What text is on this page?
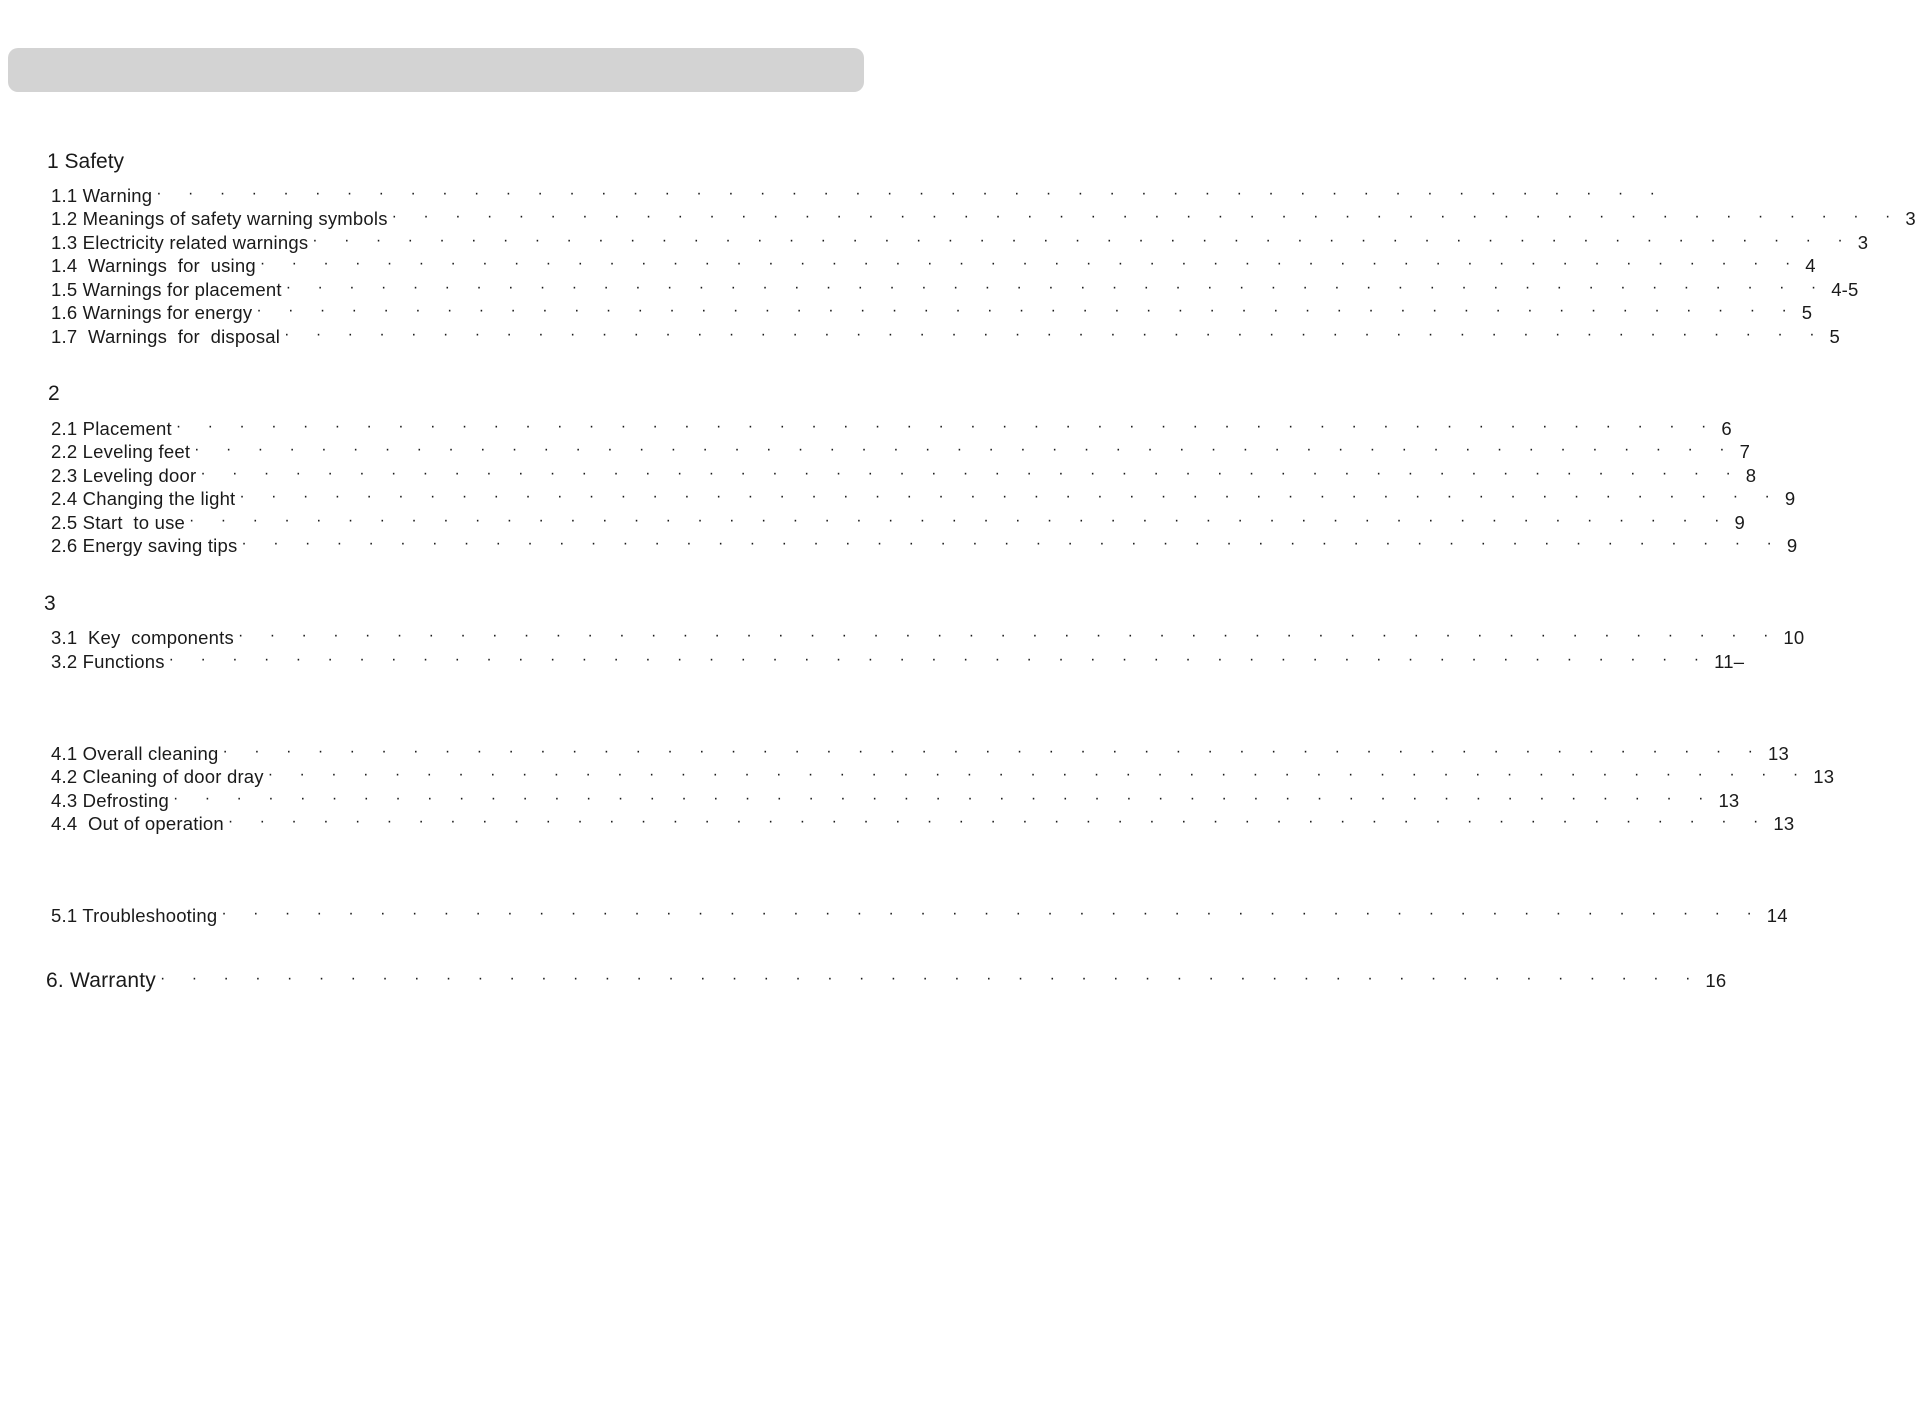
1 Safety
1.1 Warning · · · · · · · · · · · · · · · · · · · · · · · · · · · · · · · · · · · · · · · · · · · · · · · ·
1.2 Meanings of safety warning symbols · · · · · · · · · · · · · · · · · · · · · · · · · · · · · · · · · · · · · · · · · · · · · · · · 3
1.3 Electricity related warnings · · · · · · · · · · · · · · · · · · · · · · · · · · · · · · · · · · · · · · · · · · · · · · · · · 3
1.4  Warnings  for  using · · · · · · · · · · · · · · · · · · · · · · · · · · · · · · · · · · · · · · · · · · · · · · · · · 4
1.5 Warnings for placement · · · · · · · · · · · · · · · · · · · · · · · · · · · · · · · · · · · · · · · · · · · · · · · · · 4-5
1.6 Warnings for energy · · · · · · · · · · · · · · · · · · · · · · · · · · · · · · · · · · · · · · · · · · · · · · · · · 5
1.7  Warnings  for  disposal · · · · · · · · · · · · · · · · · · · · · · · · · · · · · · · · · · · · · · · · · · · · · · · · · 5
2
2.1 Placement · · · · · · · · · · · · · · · · · · · · · · · · · · · · · · · · · · · · · · · · · · · · · · · · · 6
2.2 Leveling feet · · · · · · · · · · · · · · · · · · · · · · · · · · · · · · · · · · · · · · · · · · · · · · · · · 7
2.3 Leveling door · · · · · · · · · · · · · · · · · · · · · · · · · · · · · · · · · · · · · · · · · · · · · · · · · 8
2.4 Changing the light · · · · · · · · · · · · · · · · · · · · · · · · · · · · · · · · · · · · · · · · · · · · · · · · · 9
2.5 Start  to use · · · · · · · · · · · · · · · · · · · · · · · · · · · · · · · · · · · · · · · · · · · · · · · · · 9
2.6 Energy saving tips · · · · · · · · · · · · · · · · · · · · · · · · · · · · · · · · · · · · · · · · · · · · · · · · · 9
3
3.1  Key  components · · · · · · · · · · · · · · · · · · · · · · · · · · · · · · · · · · · · · · · · · · · · · · · · · 10
3.2 Functions · · · · · · · · · · · · · · · · · · · · · · · · · · · · · · · · · · · · · · · · · · · · · · · · · 11–
4.1 Overall cleaning · · · · · · · · · · · · · · · · · · · · · · · · · · · · · · · · · · · · · · · · · · · · · · · · · 13
4.2 Cleaning of door dray · · · · · · · · · · · · · · · · · · · · · · · · · · · · · · · · · · · · · · · · · · · · · · · · · 13
4.3 Defrosting · · · · · · · · · · · · · · · · · · · · · · · · · · · · · · · · · · · · · · · · · · · · · · · · · 13
4.4  Out of operation · · · · · · · · · · · · · · · · · · · · · · · · · · · · · · · · · · · · · · · · · · · · · · · · · 13
5.1 Troubleshooting · · · · · · · · · · · · · · · · · · · · · · · · · · · · · · · · · · · · · · · · · · · · · · · · · 14
6. Warranty · · · · · · · · · · · · · · · · · · · · · · · · · · · · · · · · · · · · · · · · · · · · · · · · · 16
